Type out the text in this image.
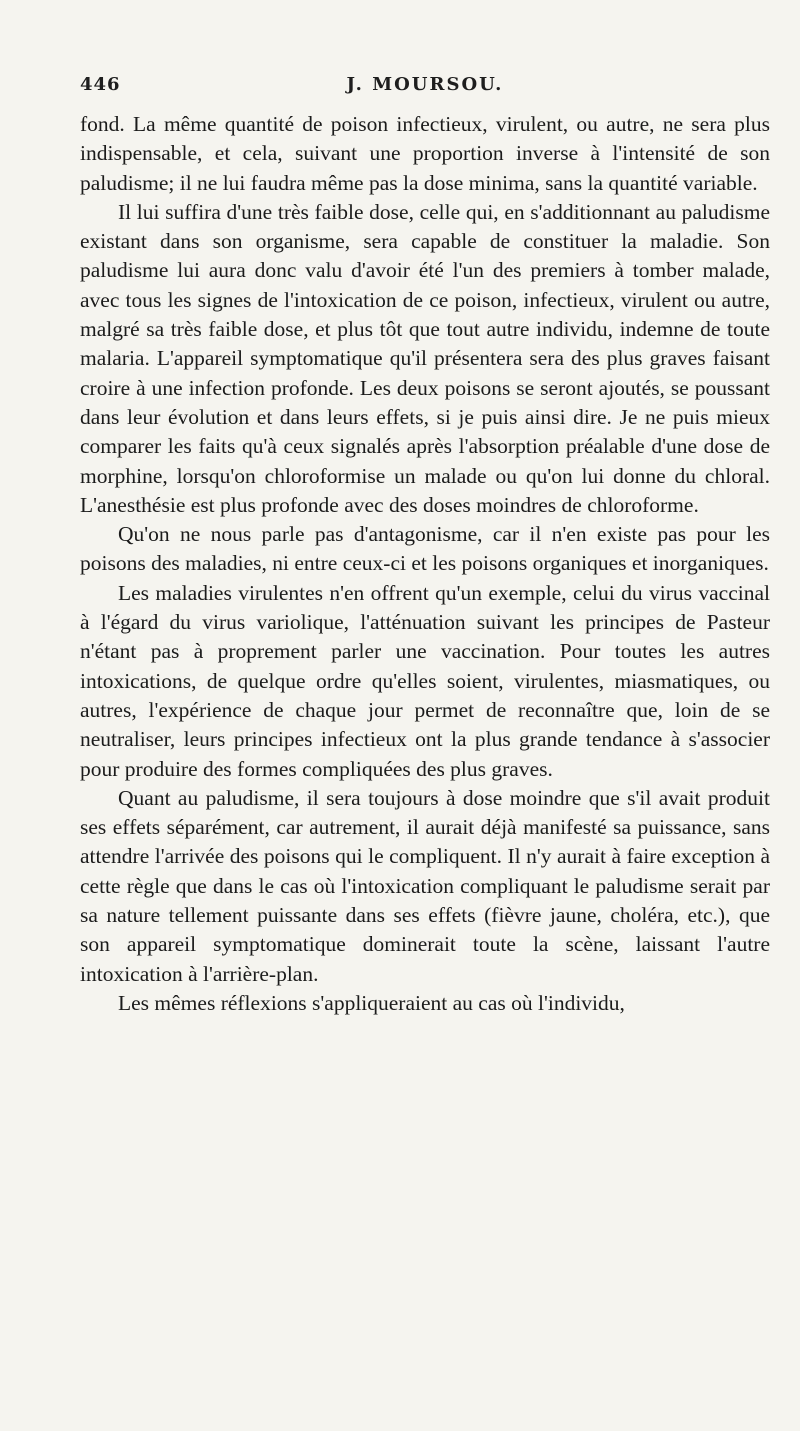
446	J. MOURSOU.

fond. La même quantité de poison infectieux, virulent, ou autre, ne sera plus indispensable, et cela, suivant une proportion inverse à l'intensité de son paludisme; il ne lui faudra même pas la dose minima, sans la quantité variable.

Il lui suffira d'une très faible dose, celle qui, en s'additionnant au paludisme existant dans son organisme, sera capable de constituer la maladie. Son paludisme lui aura donc valu d'avoir été l'un des premiers à tomber malade, avec tous les signes de l'intoxication de ce poison, infectieux, virulent ou autre, malgré sa très faible dose, et plus tôt que tout autre individu, indemne de toute malaria. L'appareil symptomatique qu'il présentera sera des plus graves faisant croire à une infection profonde. Les deux poisons se seront ajoutés, se poussant dans leur évolution et dans leurs effets, si je puis ainsi dire. Je ne puis mieux comparer les faits qu'à ceux signalés après l'absorption préalable d'une dose de morphine, lorsqu'on chloroformise un malade ou qu'on lui donne du chloral. L'anesthésie est plus profonde avec des doses moindres de chloroforme.

Qu'on ne nous parle pas d'antagonisme, car il n'en existe pas pour les poisons des maladies, ni entre ceux-ci et les poisons organiques et inorganiques.

Les maladies virulentes n'en offrent qu'un exemple, celui du virus vaccinal à l'égard du virus variolique, l'atténuation suivant les principes de Pasteur n'étant pas à proprement parler une vaccination. Pour toutes les autres intoxications, de quelque ordre qu'elles soient, virulentes, miasmatiques, ou autres, l'expérience de chaque jour permet de reconnaître que, loin de se neutraliser, leurs principes infectieux ont la plus grande tendance à s'associer pour produire des formes compliquées des plus graves.

Quant au paludisme, il sera toujours à dose moindre que s'il avait produit ses effets séparément, car autrement, il aurait déjà manifesté sa puissance, sans attendre l'arrivée des poisons qui le compliquent. Il n'y aurait à faire exception à cette règle que dans le cas où l'intoxication compliquant le paludisme serait par sa nature tellement puissante dans ses effets (fièvre jaune, choléra, etc.), que son appareil symptomatique dominerait toute la scène, laissant l'autre intoxication à l'arrière-plan.

Les mêmes réflexions s'appliqueraient au cas où l'individu,
